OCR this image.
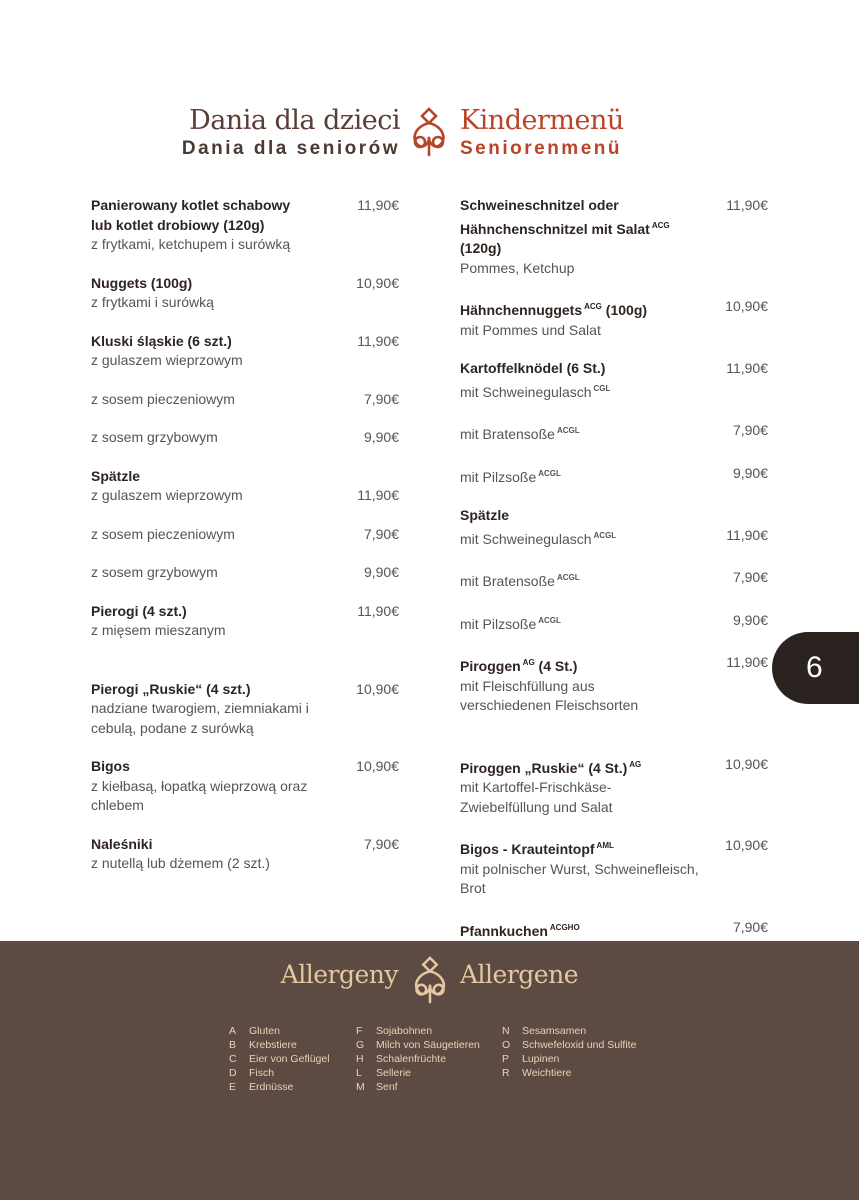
Dania dla dzieci
Dania dla seniorów
Kindermenü
Seniorenmenü
Panierowany kotlet schabowy
lub kotlet drobiowy (120g)
z frytkami, ketchupem i surówką
11,90€
Nuggets (100g)
z frytkami i surówką
10,90€
Kluski śląskie (6 szt.)
z gulaszem wieprzowym
11,90€
z sosem pieczeniowym	7,90€
z sosem grzybowym	9,90€
Spätzle
z gulaszem wieprzowym	11,90€
z sosem pieczeniowym	7,90€
z sosem grzybowym	9,90€
Pierogi (4 szt.)
z mięsem mieszanym
11,90€
Pierogi „Ruskie“ (4 szt.)
nadziane twarogiem, ziemniakami i
cebulą, podane z surówką
10,90€
Bigos
z kiełbasą, łopatką wieprzową oraz chlebem
10,90€
Naleśniki
z nutellą lub dżemem (2 szt.)
7,90€
Schweineschnitzel oder
Hähnchenschnitzel mit Salat $^{ACG}$ (120g)
Pommes, Ketchup
11,90€
Hähnchennuggets $^{ACG}$ (100g)
mit Pommes und Salat
10,90€
Kartoffelknödel (6 St.)
mit Schweinegulasch $^{CGL}$
11,90€
mit Bratensoße $^{ACGL}$	7,90€
mit Pilzsoße $^{ACGL}$	9,90€
Spätzle
mit Schweinegulasch $^{ACGL}$	11,90€
mit Bratensoße $^{ACGL}$	7,90€
mit Pilzsoße $^{ACGL}$	9,90€
Piroggen $^{AG}$ (4 St.)
mit Fleischfüllung aus
verschiedenen Fleischsorten
11,90€
Piroggen „Ruskie“ (4 St.) $^{AG}$
mit Kartoffel-Frischkäse-
Zwiebelfüllung und Salat
10,90€
Bigos - Krauteintopf $^{AML}$
mit polnischer Wurst, Schweinefleisch, Brot
10,90€
Pfannkuchen $^{ACGHO}$	7,90€
6
Allergeny Allergene
A Gluten
B Krebstiere
C Eier von Geflügel
D Fisch
E Erdnüsse
F Sojabohnen
G Milch von Säugetieren
H Schalenfrüchte
L Sellerie
M Senf
N Sesamsamen
O Schwefeloxid und Sulfite
P Lupinen
R Weichtiere
